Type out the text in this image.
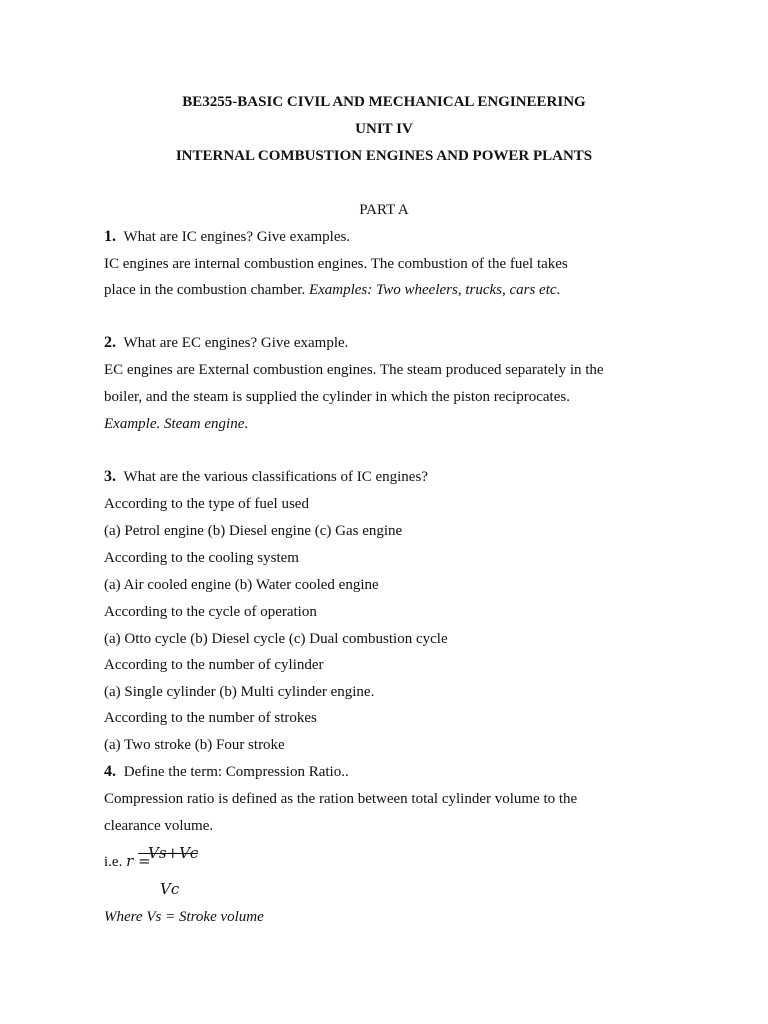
BE3255-BASIC CIVIL AND MECHANICAL ENGINEERING
UNIT IV
INTERNAL COMBUSTION ENGINES AND POWER PLANTS
PART A
1. What are IC engines? Give examples.
IC engines are internal combustion engines. The combustion of the fuel takes
place in the combustion chamber. Examples: Two wheelers, trucks, cars etc.
2. What are EC engines? Give example.
EC engines are External combustion engines. The steam produced separately in the
boiler, and the steam is supplied the cylinder in which the piston reciprocates.
Example. Steam engine.
3. What are the various classifications of IC engines?
According to the type of fuel used
(a) Petrol engine (b) Diesel engine (c) Gas engine
According to the cooling system
(a) Air cooled engine (b) Water cooled engine
According to the cycle of operation
(a) Otto cycle (b) Diesel cycle (c) Dual combustion cycle
According to the number of cylinder
(a) Single cylinder (b) Multi cylinder engine.
According to the number of strokes
(a) Two stroke (b) Four stroke
4. Define the term: Compression Ratio..
Compression ratio is defined as the ration between total cylinder volume to the
clearance volume.
i.e. r =
Vs+Vc
Vc
Where Vs = Stroke volume
